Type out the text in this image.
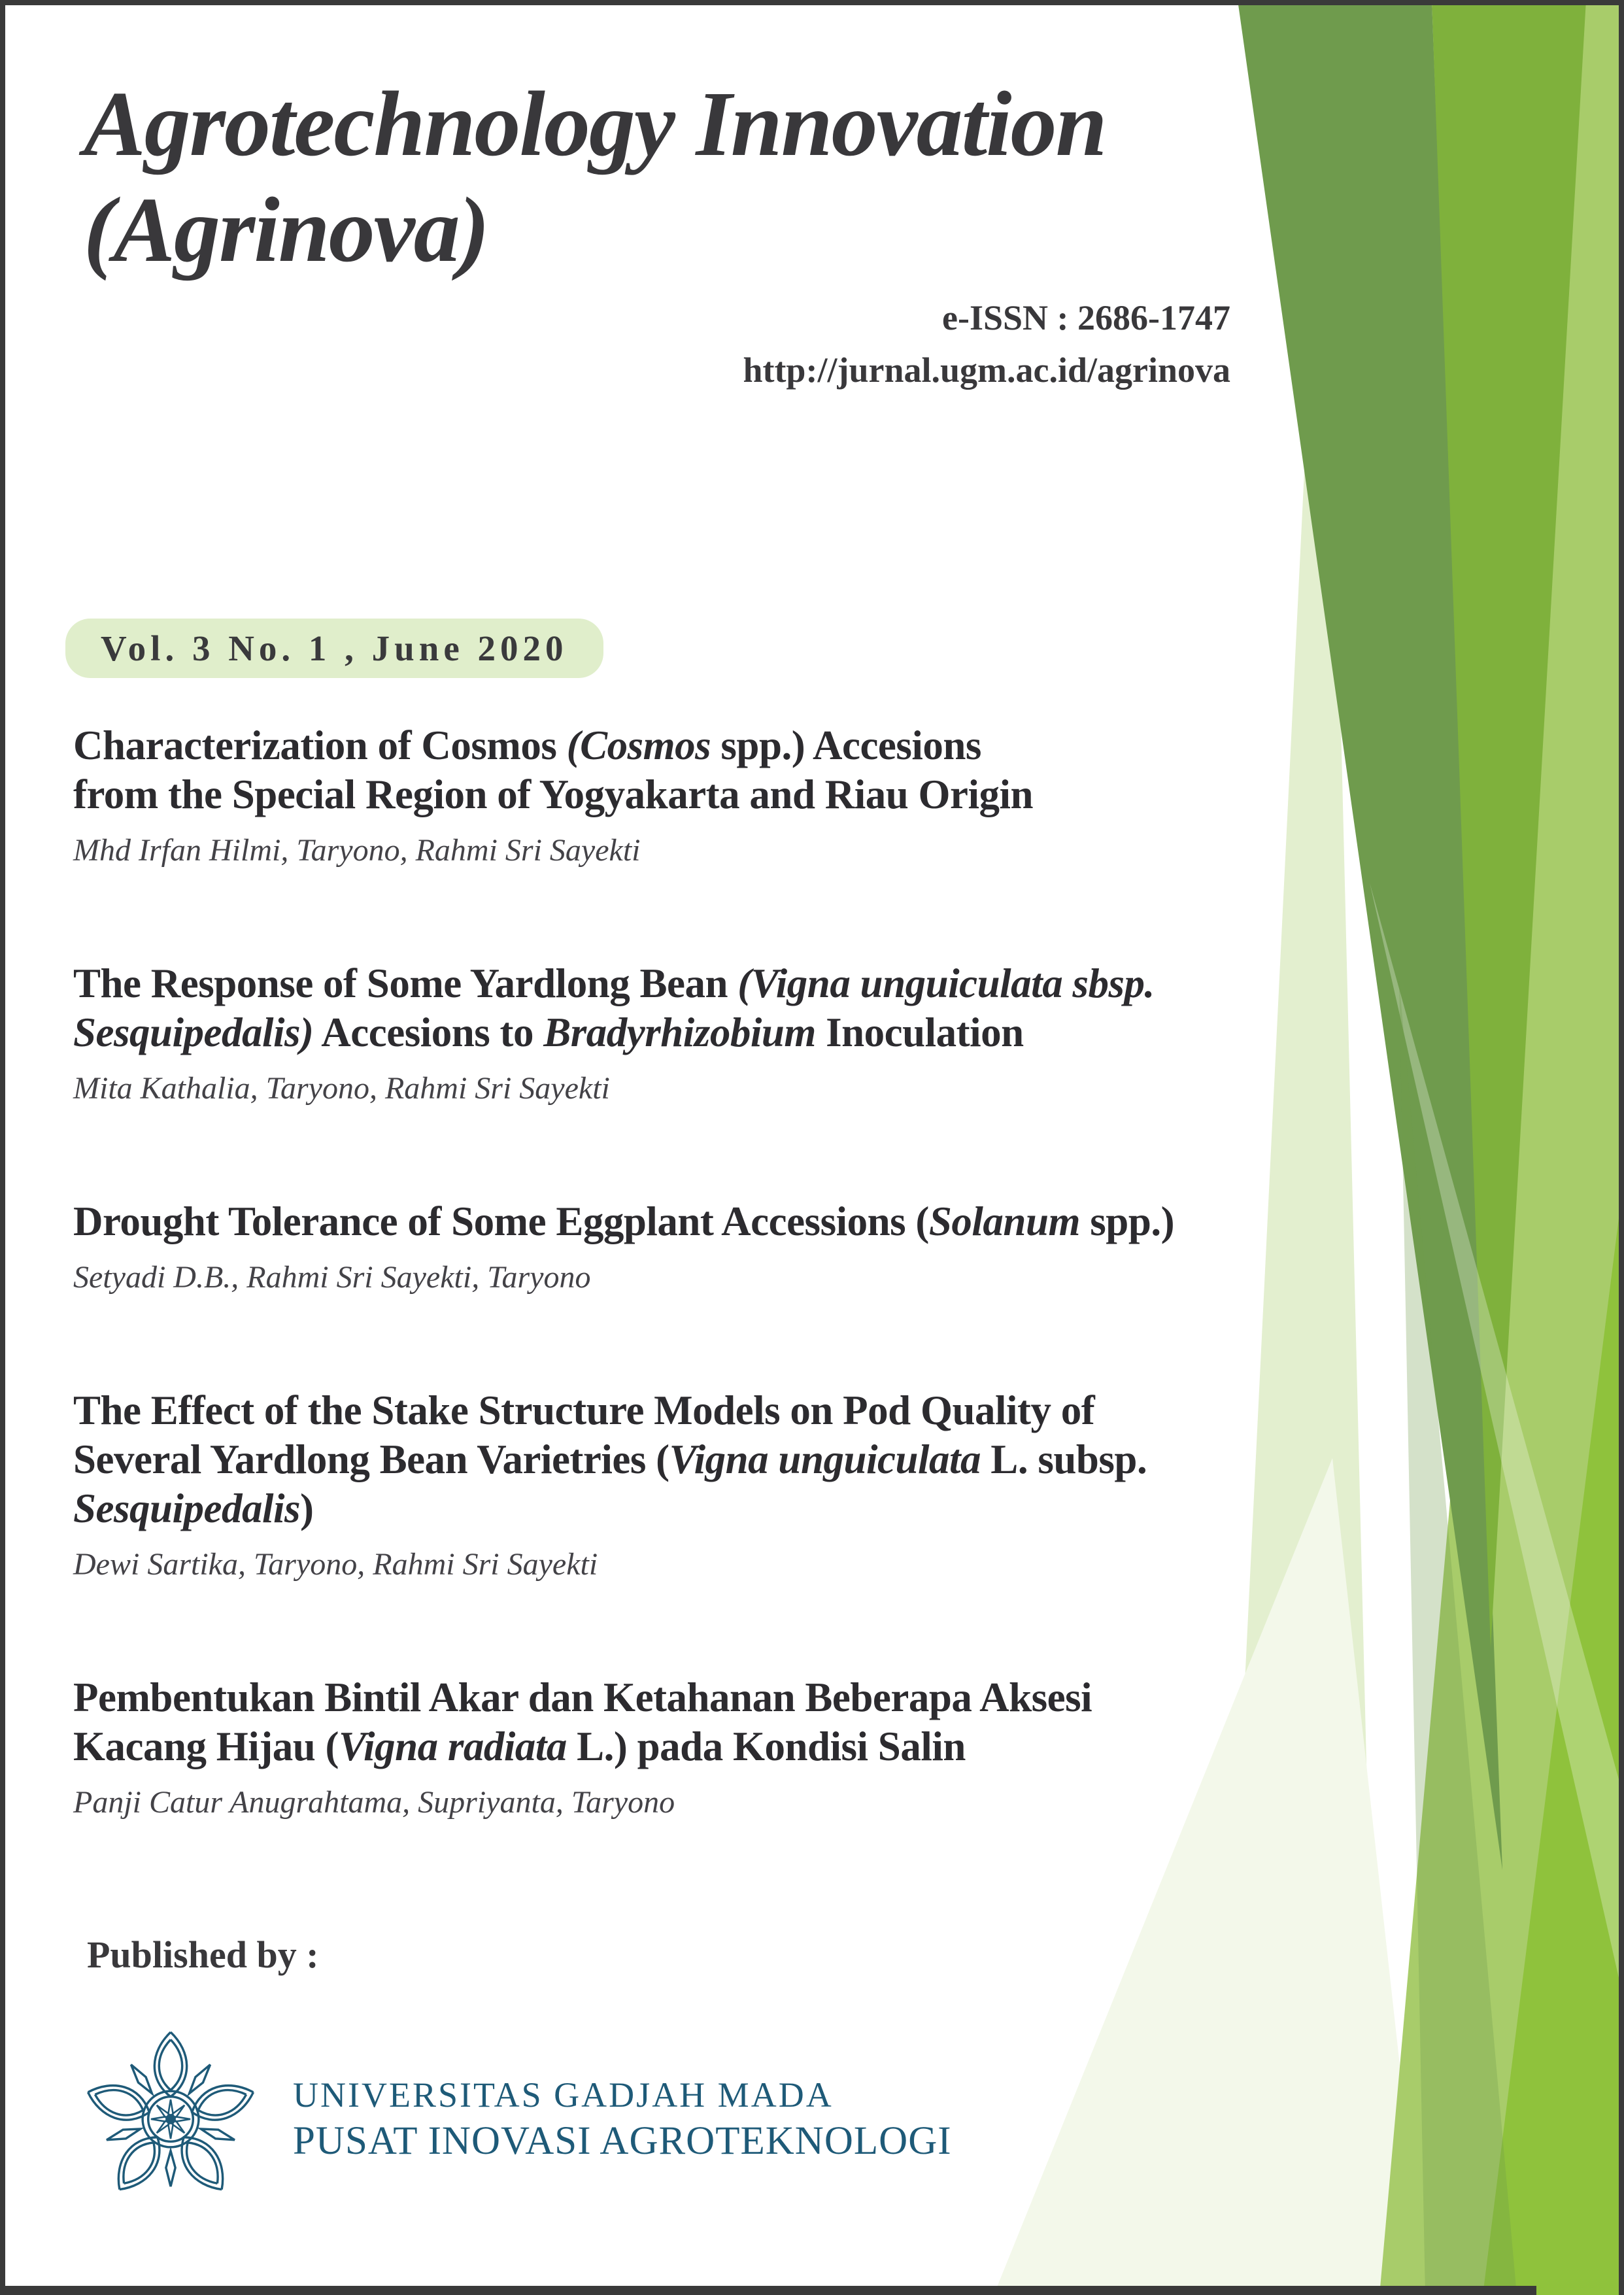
Agrotechnology Innovation
(Agrinova)
e-ISSN : 2686-1747
http://jurnal.ugm.ac.id/agrinova
Vol. 3 No. 1 , June 2020
Characterization of Cosmos (Cosmos spp.) Accesions
from the Special Region of Yogyakarta and Riau Origin
Mhd Irfan Hilmi, Taryono, Rahmi Sri Sayekti
The Response of Some Yardlong Bean (Vigna unguiculata sbsp.
Sesquipedalis) Accesions to Bradyrhizobium Inoculation
Mita Kathalia, Taryono, Rahmi Sri Sayekti
Drought Tolerance of Some Eggplant Accessions (Solanum spp.)
Setyadi D.B., Rahmi Sri Sayekti, Taryono
The Effect of the Stake Structure Models on Pod Quality of
Several Yardlong Bean Varietries (Vigna unguiculata L. subsp.
Sesquipedalis)
Dewi Sartika, Taryono, Rahmi Sri Sayekti
Pembentukan Bintil Akar dan Ketahanan Beberapa Aksesi
Kacang Hijau (Vigna radiata L.) pada Kondisi Salin
Panji Catur Anugrahtama, Supriyanta, Taryono
Published by :
UNIVERSITAS GADJAH MADA
PUSAT INOVASI AGROTEKNOLOGI
